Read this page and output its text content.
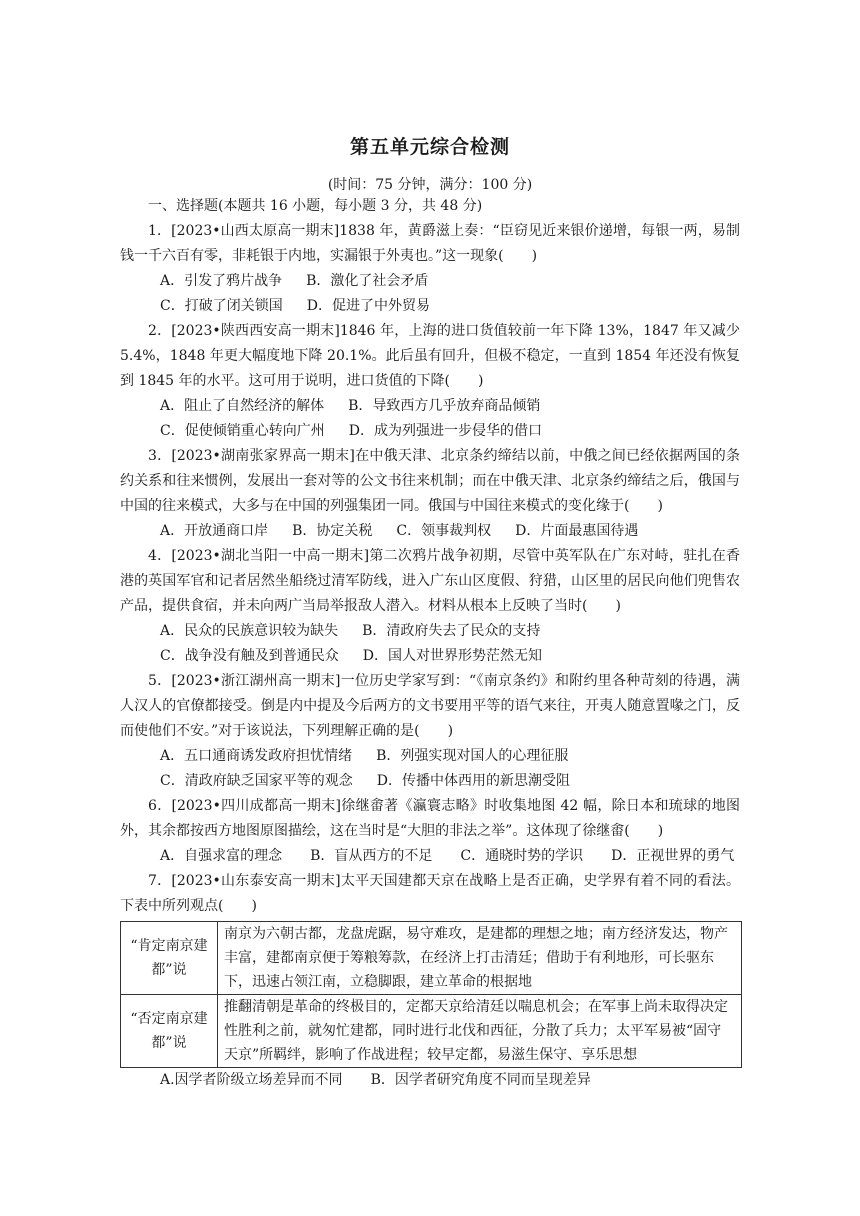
第五单元综合检测
(时间：75 分钟，满分：100 分)

一、选择题(本题共 16 小题，每小题 3 分，共 48 分)

1．[2023•山西太原高一期末]1838 年，黄爵滋上奏：“臣窃见近来银价递增，每银一两，易制钱一千六百有零，非耗银于内地，实漏银于外夷也。”这一现象(　　)

A．引发了鸦片战争 B．激化了社会矛盾

C．打破了闭关锁国 D．促进了中外贸易

2．[2023•陕西西安高一期末]1846 年，上海的进口货值较前一年下降 13%，1847 年又减少 5.4%，1848 年更大幅度地下降 20.1%。此后虽有回升，但极不稳定，一直到 1854 年还没有恢复到 1845 年的水平。这可用于说明，进口货值的下降(　　)

A．阻止了自然经济的解体 B．导致西方几乎放弃商品倾销

C．促使倾销重心转向广州 D．成为列强进一步侵华的借口

3．[2023•湖南张家界高一期末]在中俄天津、北京条约缔结以前，中俄之间已经依据两国的条约关系和往来惯例，发展出一套对等的公文书往来机制；而在中俄天津、北京条约缔结之后，俄国与中国的往来模式，大多与在中国的列强集团一同。俄国与中国往来模式的变化缘于(　　)

A．开放通商口岸 B．协定关税 C．领事裁判权 D．片面最惠国待遇

4．[2023•湖北当阳一中高一期末]第二次鸦片战争初期，尽管中英军队在广东对峙，驻扎在香港的英国军官和记者居然坐船绕过清军防线，进入广东山区度假、狩猎，山区里的居民向他们兜售农产品，提供食宿，并未向两广当局举报敌人潜入。材料从根本上反映了当时(　　)

A．民众的民族意识较为缺失 B．清政府失去了民众的支持

C．战争没有触及到普通民众 D．国人对世界形势茫然无知

5．[2023•浙江湖州高一期末]一位历史学家写到：“《南京条约》和附约里各种苛刻的待遇，满人汉人的官僚都接受。倒是内中提及今后两方的文书要用平等的语气来往，开夷人随意置喙之门，反而使他们不安。”对于该说法，下列理解正确的是(　　)

A．五口通商诱发政府担忧情绪 B．列强实现对国人的心理征服

C．清政府缺乏国家平等的观念 D．传播中体西用的新思潮受阻

6．[2023•四川成都高一期末]徐继畬著《瀛寰志略》时收集地图 42 幅，除日本和琉球的地图外，其余都按西方地图原图描绘，这在当时是“大胆的非法之举”。这体现了徐继畬(　　)

A．自强求富的理念　　B．盲从西方的不足　　C．通晓时势的学识　　D．正视世界的勇气

7．[2023•山东泰安高一期末]太平天国建都天京在战略上是否正确，史学界有着不同的看法。下表中所列观点(　　)

“肯定南京建都”说	南京为六朝古都，龙盘虎踞，易守难攻，是建都的理想之地；南方经济发达，物产丰富，建都南京便于筹粮筹款，在经济上打击清廷；借助于有利地形，可长驱东下，迅速占领江南，立稳脚跟，建立革命的根据地
“否定南京建都”说	推翻清朝是革命的终极目的，定都天京给清廷以喘息机会；在军事上尚未取得决定性胜利之前，就匆忙建都，同时进行北伐和西征，分散了兵力；太平军易被“固守天京”所羁绊，影响了作战进程；较早定都，易滋生保守、享乐思想

A.因学者阶级立场差异而不同 B．因学者研究角度不同而呈现差异
